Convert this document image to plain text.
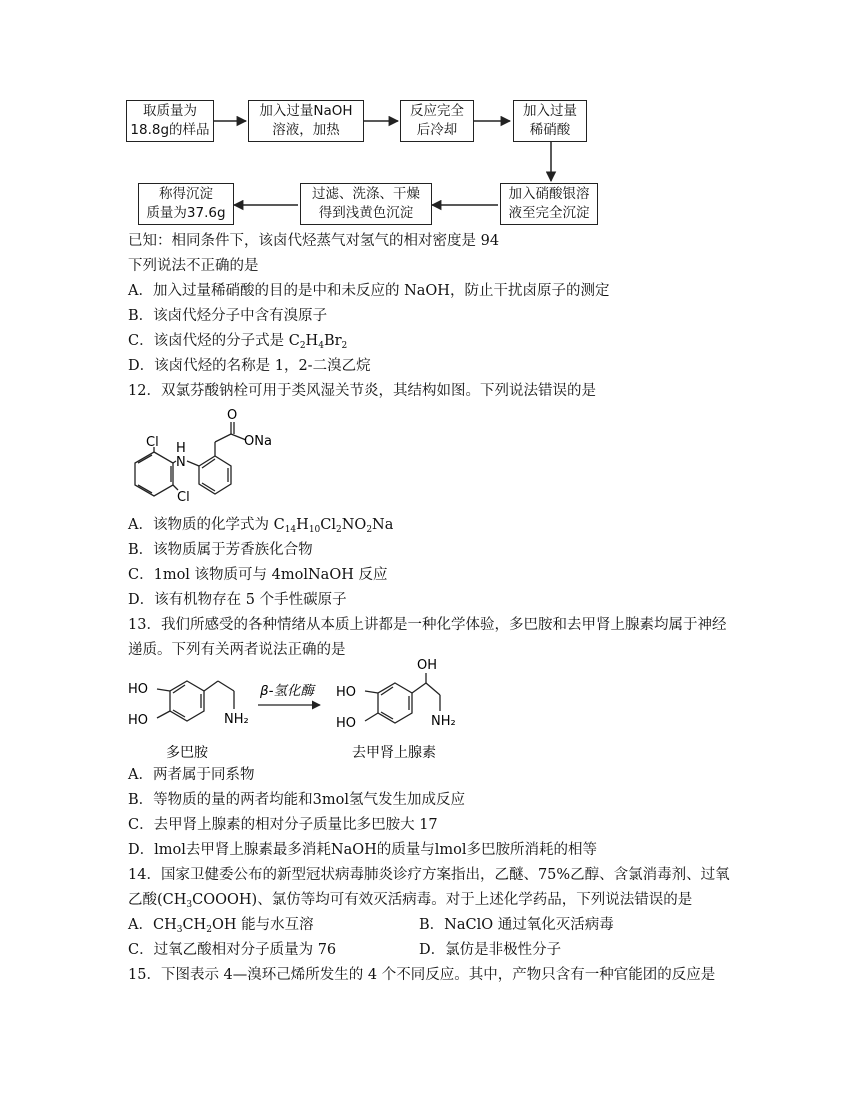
取质量为
18.8g的样品
加入过量NaOH
溶液，加热
反应完全
后冷却
加入过量
稀硝酸
加入硝酸银溶
液至完全沉淀
过滤、洗涤、干燥
得到浅黄色沉淀
称得沉淀
质量为37.6g
已知：相同条件下，该卤代烃蒸气对氢气的相对密度是 94
下列说法不正确的是
A．加入过量稀硝酸的目的是中和未反应的 NaOH，防止干扰卤原子的测定
B．该卤代烃分子中含有溴原子
C．该卤代烃的分子式是 $C_2H_4Br_2$
D．该卤代烃的名称是 1，2-二溴乙烷
12．双氯芬酸钠栓可用于类风湿关节炎，其结构如图。下列说法错误的是
Cl H
N
Cl
O
ONa
A．该物质的化学式为 $C_{14}H_{10}Cl_2NO_2Na$
B．该物质属于芳香族化合物
C．1mol 该物质可与 4molNaOH 反应
D．该有机物存在 5 个手性碳原子
13．我们所感受的各种情绪从本质上讲都是一种化学体验，多巴胺和去甲肾上腺素均属于神经
递质。下列有关两者说法正确的是
HO
HO	NH₂
β-氢化酶
OH
HO
HO	NH₂
多巴胺	去甲肾上腺素
A．两者属于同系物
B．等物质的量的两者均能和3mol氢气发生加成反应
C．去甲肾上腺素的相对分子质量比多巴胺大 17
D．lmol去甲肾上腺素最多消耗NaOH的质量与lmol多巴胺所消耗的相等
14．国家卫健委公布的新型冠状病毒肺炎诊疗方案指出，乙醚、75%乙醇、含氯消毒剂、过氧
乙酸$(CH_3COOOH)$、氯仿等均可有效灭活病毒。对于上述化学药品，下列说法错误的是
A．$CH_3CH_2OH$ 能与水互溶	B．NaClO 通过氧化灭活病毒
C．过氧乙酸相对分子质量为 76	D．氯仿是非极性分子
15．下图表示 4—溴环己烯所发生的 4 个不同反应。其中，产物只含有一种官能团的反应是
